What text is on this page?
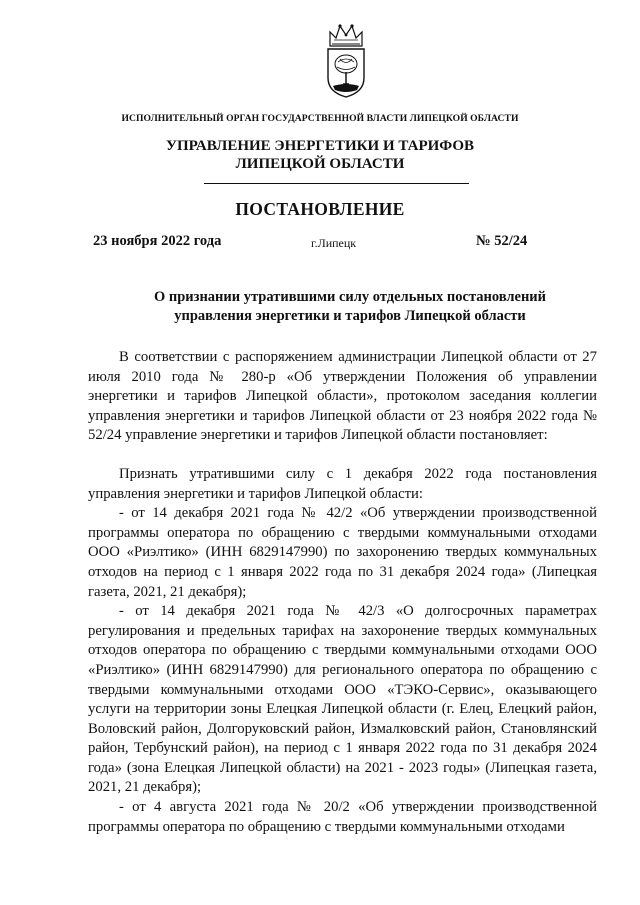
ИСПОЛНИТЕЛЬНЫЙ ОРГАН ГОСУДАРСТВЕННОЙ ВЛАСТИ ЛИПЕЦКОЙ ОБЛАСТИ
УПРАВЛЕНИЕ ЭНЕРГЕТИКИ И ТАРИФОВ
ЛИПЕЦКОЙ ОБЛАСТИ
ПОСТАНОВЛЕНИЕ
23 ноября 2022 года	г.Липецк	№ 52/24
О признании утратившими силу отдельных постановлений
управления энергетики и тарифов Липецкой области

В соответствии с распоряжением администрации Липецкой области от 27 июля 2010 года № 280-р «Об утверждении Положения об управлении энергетики и тарифов Липецкой области», протоколом заседания коллегии управления энергетики и тарифов Липецкой области от 23 ноября 2022 года № 52/24 управление энергетики и тарифов Липецкой области постановляет:

Признать утратившими силу с 1 декабря 2022 года постановления управления энергетики и тарифов Липецкой области:

- от 14 декабря 2021 года № 42/2 «Об утверждении производственной программы оператора по обращению с твердыми коммунальными отходами ООО «Риэлтико» (ИНН 6829147990) по захоронению твердых коммунальных отходов на период с 1 января 2022 года по 31 декабря 2024 года» (Липецкая газета, 2021, 21 декабря);

- от 14 декабря 2021 года № 42/3 «О долгосрочных параметрах регулирования и предельных тарифах на захоронение твердых коммунальных отходов оператора по обращению с твердыми коммунальными отходами ООО «Риэлтико» (ИНН 6829147990) для регионального оператора по обращению с твердыми коммунальными отходами ООО «ТЭКО-Сервис», оказывающего услуги на территории зоны Елецкая Липецкой области (г. Елец, Елецкий район, Воловский район, Долгоруковский район, Измалковский район, Становлянский район, Тербунский район), на период с 1 января 2022 года по 31 декабря 2024 года» (зона Елецкая Липецкой области) на 2021 - 2023 годы» (Липецкая газета, 2021, 21 декабря);

- от 4 августа 2021 года № 20/2 «Об утверждении производственной программы оператора по обращению с твердыми коммунальными отходами
